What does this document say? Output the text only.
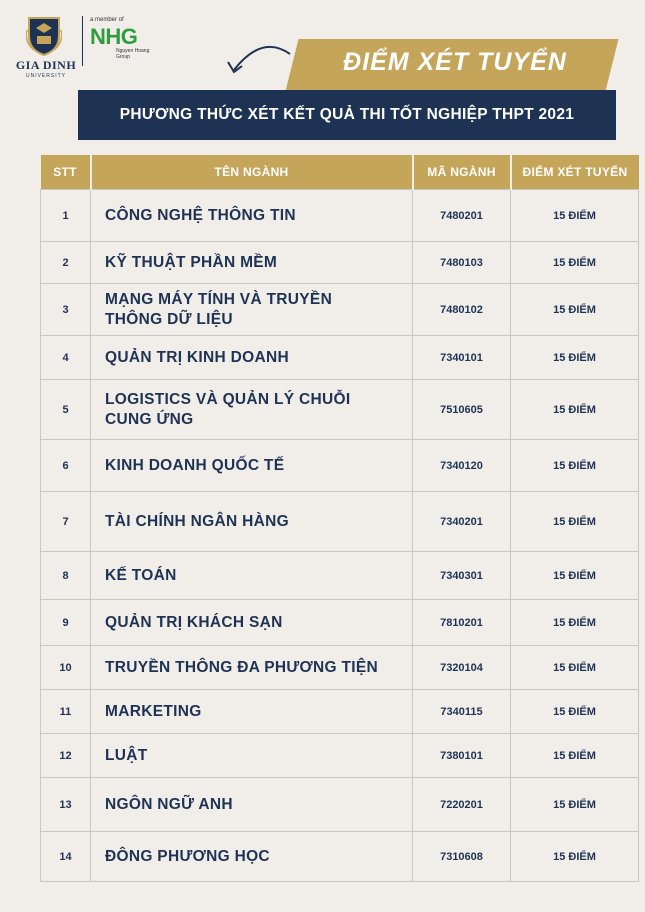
GIA DINH
UNIVERSITY
a member of
NHG
Nguyen Hoang Group	ĐIỂM XÉT TUYỂN
PHƯƠNG THỨC XÉT KẾT QUẢ THI TỐT NGHIỆP THPT 2021
STT	TÊN NGÀNH	MÃ NGÀNH	ĐIỂM XÉT TUYỂN
1	CÔNG NGHỆ THÔNG TIN	7480201	15 ĐIỂM
2	KỸ THUẬT PHẦN MỀM	7480103	15 ĐIỂM
3	MẠNG MÁY TÍNH VÀ TRUYỀN THÔNG DỮ LIỆU	7480102	15 ĐIỂM
4	QUẢN TRỊ KINH DOANH	7340101	15 ĐIỂM
5	LOGISTICS VÀ QUẢN LÝ CHUỖI CUNG ỨNG	7510605	15 ĐIỂM
6	KINH DOANH QUỐC TẾ	7340120	15 ĐIỂM
7	TÀI CHÍNH NGÂN HÀNG	7340201	15 ĐIỂM
8	KẾ TOÁN	7340301	15 ĐIỂM
9	QUẢN TRỊ KHÁCH SẠN	7810201	15 ĐIỂM
10	TRUYỀN THÔNG ĐA PHƯƠNG TIỆN	7320104	15 ĐIỂM
11	MARKETING	7340115	15 ĐIỂM
12	LUẬT	7380101	15 ĐIỂM
13	NGÔN NGỮ ANH	7220201	15 ĐIỂM
14	ĐÔNG PHƯƠNG HỌC	7310608	15 ĐIỂM
